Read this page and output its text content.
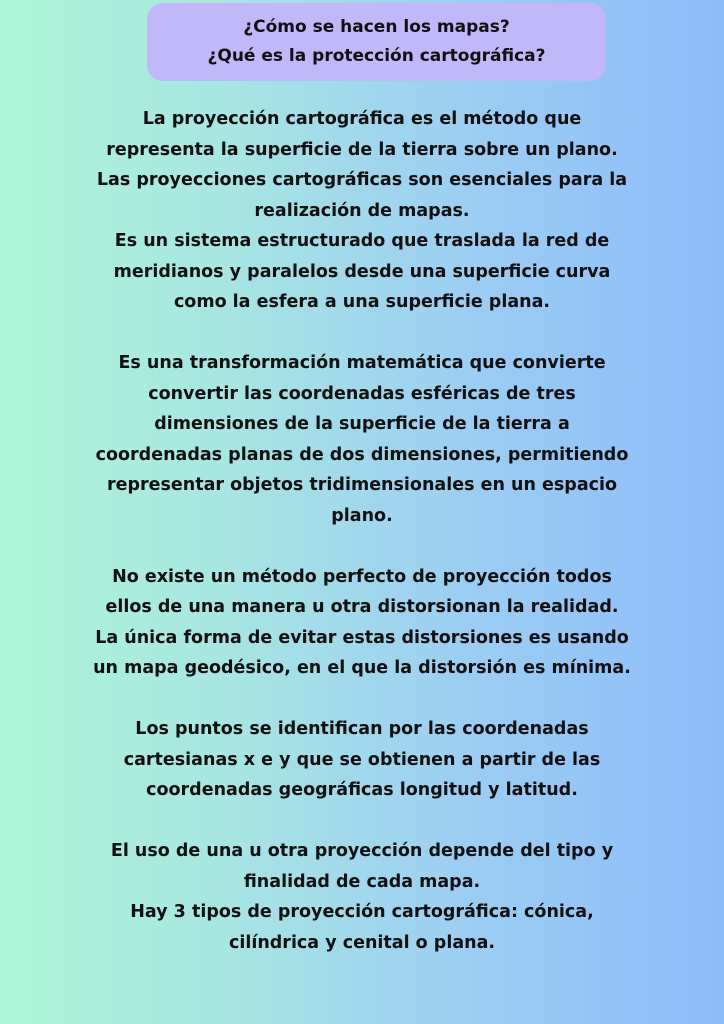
¿Cómo se hacen los mapas?
¿Qué es la protección cartográfica?
La proyección cartográfica es el método que
representa la superficie de la tierra sobre un plano.
Las proyecciones cartográficas son esenciales para la
realización de mapas.
Es un sistema estructurado que traslada la red de
meridianos y paralelos desde una superficie curva
como la esfera a una superficie plana.
Es una transformación matemática que convierte
convertir las coordenadas esféricas de tres
dimensiones de la superficie de la tierra a
coordenadas planas de dos dimensiones, permitiendo
representar objetos tridimensionales en un espacio
plano.
No existe un método perfecto de proyección todos
ellos de una manera u otra distorsionan la realidad.
La única forma de evitar estas distorsiones es usando
un mapa geodésico, en el que la distorsión es mínima.
Los puntos se identifican por las coordenadas
cartesianas x e y que se obtienen a partir de las
coordenadas geográficas longitud y latitud.
El uso de una u otra proyección depende del tipo y
finalidad de cada mapa.
Hay 3 tipos de proyección cartográfica: cónica,
cilíndrica y cenital o plana.
